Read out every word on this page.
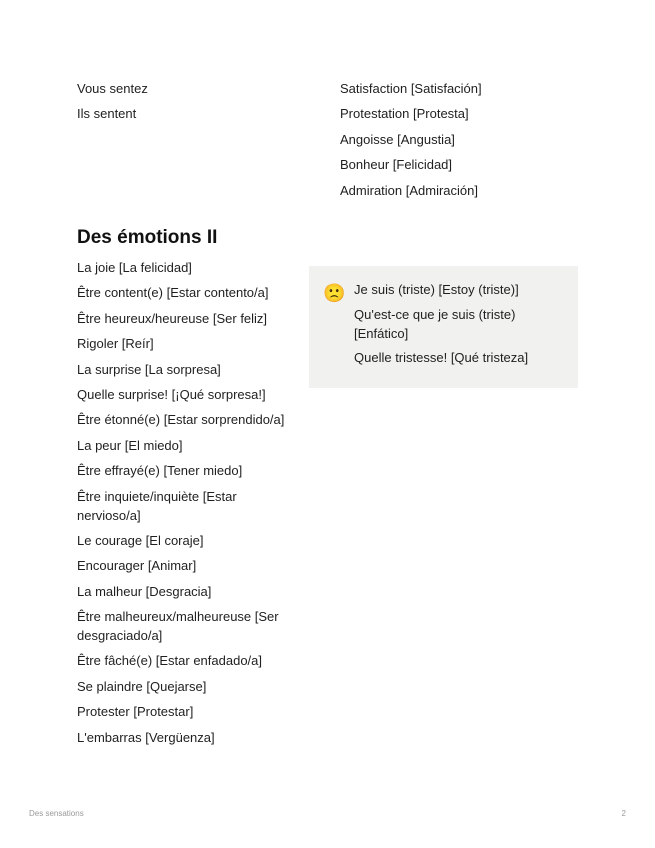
Vous sentez

Ils sentent

Satisfaction [Satisfación]

Protestation [Protesta]

Angoisse [Angustia]

Bonheur [Felicidad]

Admiration [Admiración]

Des émotions II

La joie [La felicidad]

Être content(e) [Estar contento/a]

Être heureux/heureuse [Ser feliz]

Rigoler [Reír]

La surprise [La sorpresa]

Quelle surprise! [¡Qué sorpresa!]

Être étonné(e) [Estar sorprendido/a]

La peur [El miedo]

Être effrayé(e) [Tener miedo]

Être inquiete/inquiète [Estar nervioso/a]

Le courage [El coraje]

Encourager [Animar]

La malheur [Desgracia]

Être malheureux/malheureuse [Ser desgraciado/a]

Être fâché(e) [Estar enfadado/a]

Se plaindre [Quejarse]

Protester [Protestar]

L'embarras [Vergüenza]

🙁 Je suis (triste) [Estoy (triste)]

Qu'est-ce que je suis (triste) [Enfático]

Quelle tristesse! [Qué tristeza]

Des sensations	2
